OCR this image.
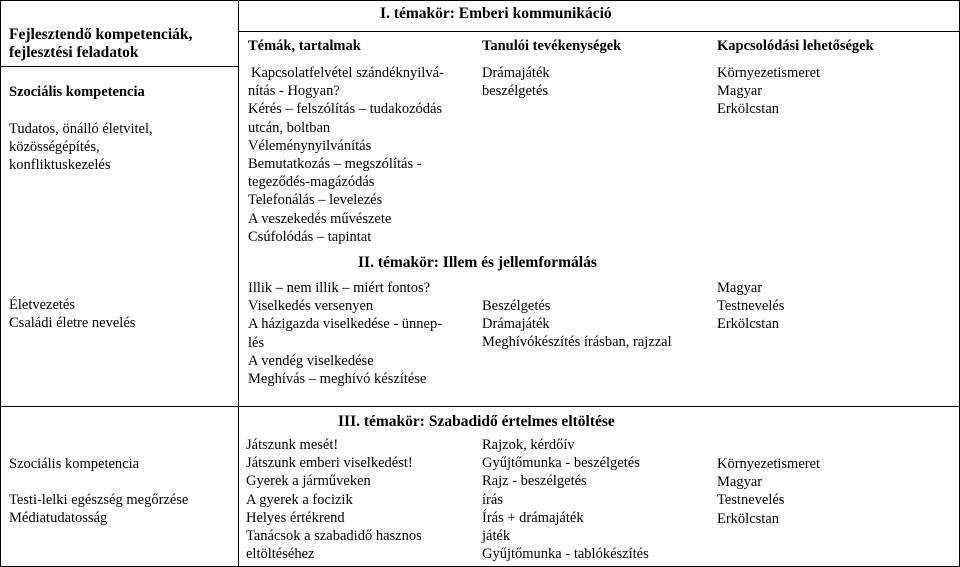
Fejlesztendő kompetenciák,
fejlesztési feladatok
I. témakör: Emberi kommunikáció
Témák, tartalmak	Tanulói tevékenységek	Kapcsolódási lehetőségek
Szociális kompetencia
Tudatos, önálló életvitel,
közösségépítés,
konfliktuskezelés
Kapcsolatfelvétel szándéknyilvá-
nítás - Hogyan?
Kérés – felszólítás – tudakozódás
utcán, boltban
Véleménynyilvánítás
Bemutatkozás – megszólítás -
tegeződés-magázódás
Telefonálás – levelezés
A veszekedés művészete
Csúfolódás – tapintat
Drámajáték
beszélgetés
Környezetismeret
Magyar
Erkölcstan
II. témakör: Illem és jellemformálás
Életvezetés
Családi életre nevelés
Illik – nem illik – miért fontos?
Viselkedés versenyen
A házigazda viselkedése - ünnep-
lés
A vendég viselkedése
Meghívás – meghívó készítése
Beszélgetés
Drámajáték
Meghívókészítés írásban, rajzzal
Magyar
Testnevelés
Erkölcstan
III. témakör: Szabadidő értelmes eltöltése
Szociális kompetencia
Testi-lelki egészség megőrzése
Médiatudatosság
Játszunk mesét!
Játszunk emberi viselkedést!
Gyerek a járműveken
A gyerek a focizik
Helyes értékrend
Tanácsok a szabadidő hasznos
eltöltéséhez
Rajzok, kérdőív
Gyűjtőmunka - beszélgetés
Rajz - beszélgetés
írás
Írás + drámajáték
játék
Gyűjtőmunka - tablókészítés
Környezetismeret
Magyar
Testnevelés
Erkölcstan
